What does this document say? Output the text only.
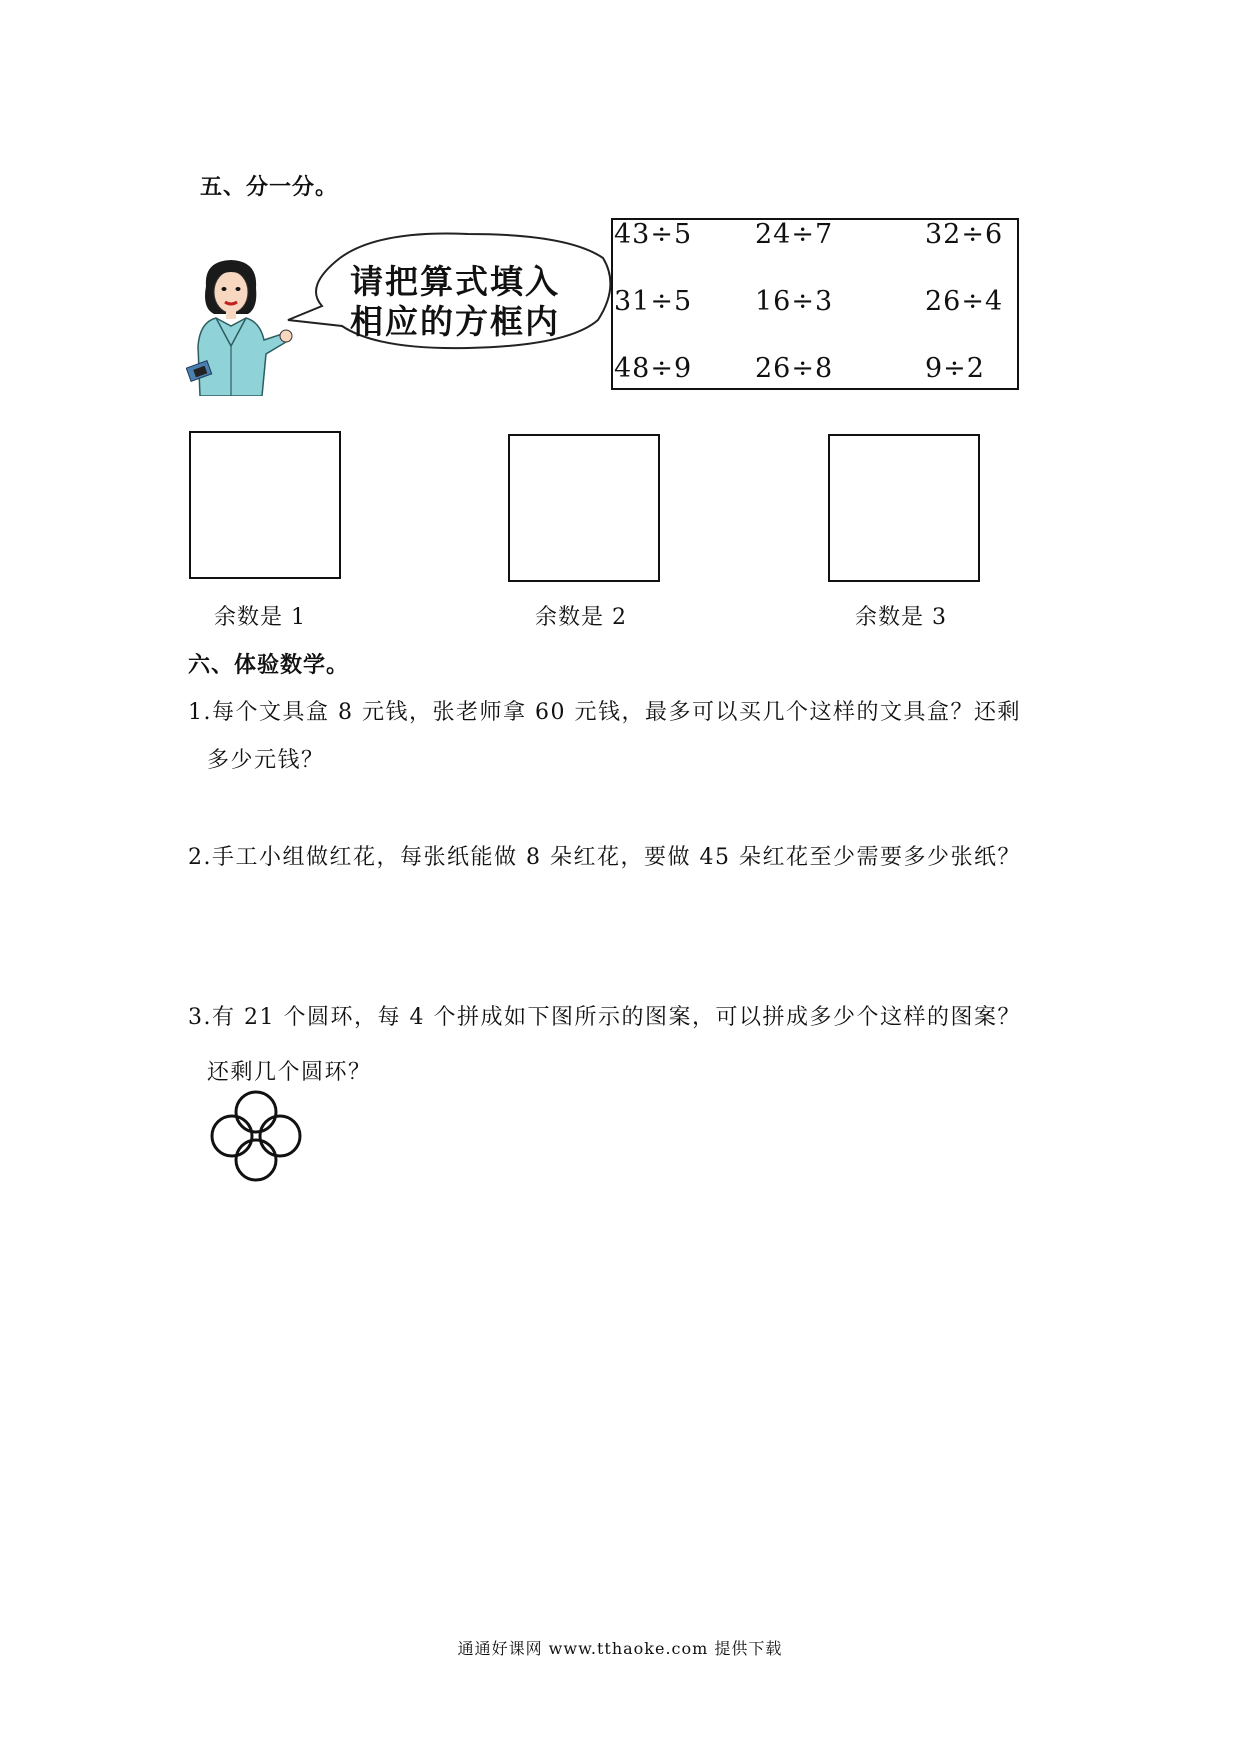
五、分一分。
请把算式填入
相应的方框内
43÷5 24÷7	32÷6
31÷5 16÷3	26÷4
48÷9 26÷8	9÷2
余数是 1	余数是 2	余数是 3
六、体验数学。
1.每个文具盒 8 元钱，张老师拿 60 元钱，最多可以买几个这样的文具盒？还剩
多少元钱？
2.手工小组做红花，每张纸能做 8 朵红花，要做 45 朵红花至少需要多少张纸？
3.有 21 个圆环，每 4 个拼成如下图所示的图案，可以拼成多少个这样的图案？
还剩几个圆环？
通通好课网 www.tthaoke.com 提供下载
